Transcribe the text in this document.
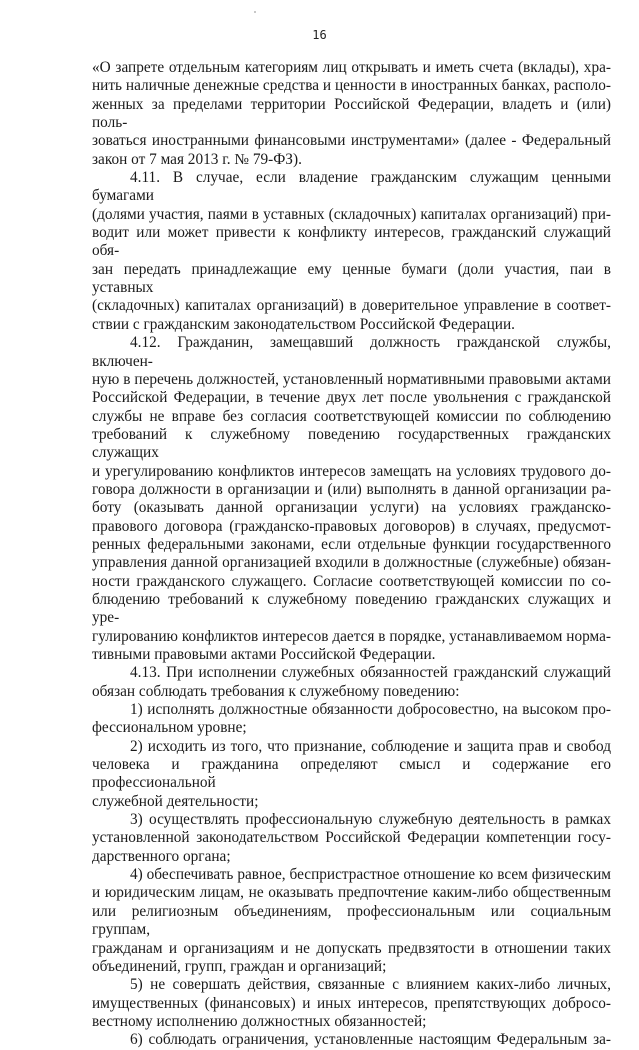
16

«О запрете отдельным категориям лиц открывать и иметь счета (вклады), хра-

нить наличные денежные средства и ценности в иностранных банках, располо-

женных за пределами территории Российской Федерации, владеть и (или) поль-

зоваться иностранными финансовыми инструментами» (далее - Федеральный

закон от 7 мая 2013 г. № 79-ФЗ).

4.11. В случае, если владение гражданским служащим ценными бумагами

(долями участия, паями в уставных (складочных) капиталах организаций) при-

водит или может привести к конфликту интересов, гражданский служащий обя-

зан передать принадлежащие ему ценные бумаги (доли участия, паи в уставных

(складочных) капиталах организаций) в доверительное управление в соответ-

ствии с гражданским законодательством Российской Федерации.

4.12. Гражданин, замещавший должность гражданской службы, включен-

ную в перечень должностей, установленный нормативными правовыми актами

Российской Федерации, в течение двух лет после увольнения с гражданской

службы не вправе без согласия соответствующей комиссии по соблюдению

требований к служебному поведению государственных гражданских служащих

и урегулированию конфликтов интересов замещать на условиях трудового до-

говора должности в организации и (или) выполнять в данной организации ра-

боту (оказывать данной организации услуги) на условиях гражданско-

правового договора (гражданско-правовых договоров) в случаях, предусмот-

ренных федеральными законами, если отдельные функции государственного

управления данной организацией входили в должностные (служебные) обязан-

ности гражданского служащего. Согласие соответствующей комиссии по со-

блюдению требований к служебному поведению гражданских служащих и уре-

гулированию конфликтов интересов дается в порядке, устанавливаемом норма-

тивными правовыми актами Российской Федерации.

4.13. При исполнении служебных обязанностей гражданский служащий

обязан соблюдать требования к служебному поведению:

1) исполнять должностные обязанности добросовестно, на высоком про-

фессиональном уровне;

2) исходить из того, что признание, соблюдение и защита прав и свобод

человека и гражданина определяют смысл и содержание его профессиональной

служебной деятельности;

3) осуществлять профессиональную служебную деятельность в рамках

установленной законодательством Российской Федерации компетенции госу-

дарственного органа;

4) обеспечивать равное, беспристрастное отношение ко всем физическим

и юридическим лицам, не оказывать предпочтение каким-либо общественным

или религиозным объединениям, профессиональным или социальным группам,

гражданам и организациям и не допускать предвзятости в отношении таких

объединений, групп, граждан и организаций;

5) не совершать действия, связанные с влиянием каких-либо личных,

имущественных (финансовых) и иных интересов, препятствующих добросо-

вестному исполнению должностных обязанностей;

6) соблюдать ограничения, установленные настоящим Федеральным за-
